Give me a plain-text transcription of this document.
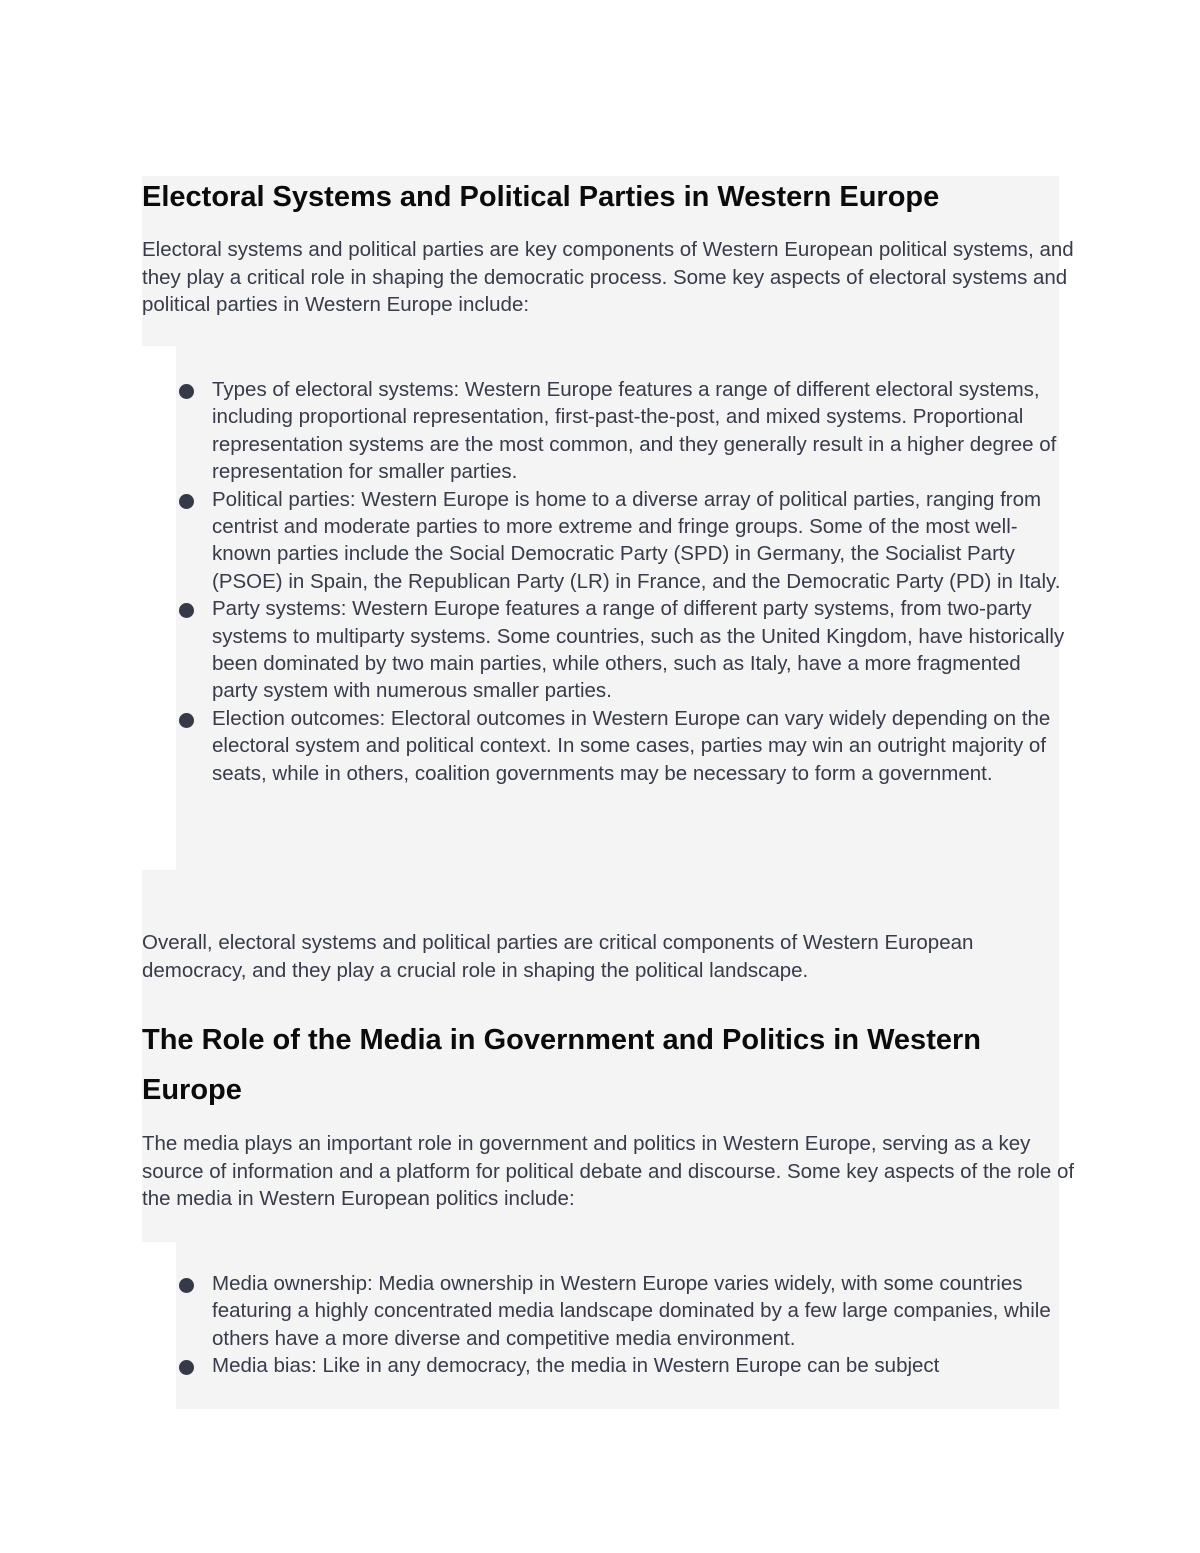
Electoral Systems and Political Parties in Western Europe

Electoral systems and political parties are key components of Western European political systems, and they play a critical role in shaping the democratic process. Some key aspects of electoral systems and political parties in Western Europe include:

Types of electoral systems: Western Europe features a range of different electoral systems, including proportional representation, first-past-the-post, and mixed systems. Proportional representation systems are the most common, and they generally result in a higher degree of representation for smaller parties.
Political parties: Western Europe is home to a diverse array of political parties, ranging from centrist and moderate parties to more extreme and fringe groups. Some of the most well-known parties include the Social Democratic Party (SPD) in Germany, the Socialist Party (PSOE) in Spain, the Republican Party (LR) in France, and the Democratic Party (PD) in Italy.
Party systems: Western Europe features a range of different party systems, from two-party systems to multiparty systems. Some countries, such as the United Kingdom, have historically been dominated by two main parties, while others, such as Italy, have a more fragmented party system with numerous smaller parties.
Election outcomes: Electoral outcomes in Western Europe can vary widely depending on the electoral system and political context. In some cases, parties may win an outright majority of seats, while in others, coalition governments may be necessary to form a government.

Overall, electoral systems and political parties are critical components of Western European democracy, and they play a crucial role in shaping the political landscape.

The Role of the Media in Government and Politics in Western
Europe

The media plays an important role in government and politics in Western Europe, serving as a key source of information and a platform for political debate and discourse. Some key aspects of the role of the media in Western European politics include:

Media ownership: Media ownership in Western Europe varies widely, with some countries featuring a highly concentrated media landscape dominated by a few large companies, while others have a more diverse and competitive media environment.
Media bias: Like in any democracy, the media in Western Europe can be subject
